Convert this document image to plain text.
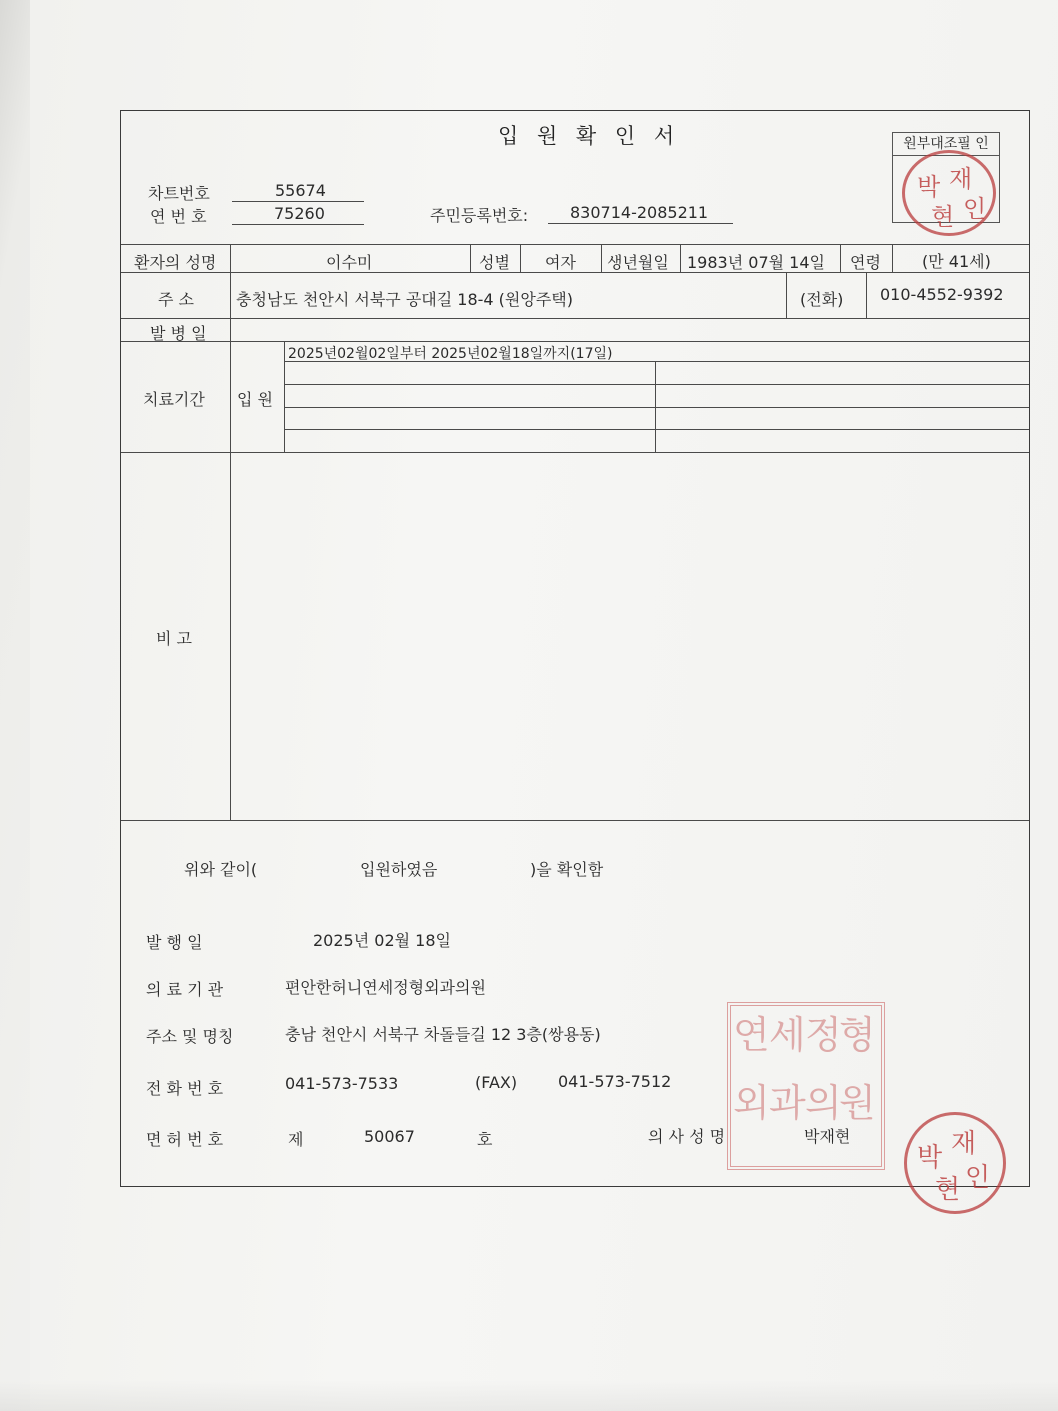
입 원 확 인 서	원부대조필 인
박 재
인
현
차트번호	55674
연 번 호	75260	주민등록번호:	830714-2085211
환자의 성명	이수미	성별 여자 생년월일 1983년 07월 14일 연령	(만 41세)
주 소	충청남도 천안시 서북구 공대길 18-4 (원앙주택)	(전화) 010-4552-9392
발 병 일
치료기간 입 원
2025년02월02일부터 2025년02월18일까지(17일)
비 고
위와 같이(	입원하였음	)을 확인함
발 행 일	2025년 02월 18일
의 료 기 관	편안한허니연세정형외과의원
주소 및 명칭	충남 천안시 서북구 차돌들길 12 3층(쌍용동)
전 화 번 호	041-573-7533	(FAX)	041-573-7512
면 허 번 호	제	50067	호	의 사 성 명	박재현
연 세 정
형
외 과 의
원
박 재
인
현
